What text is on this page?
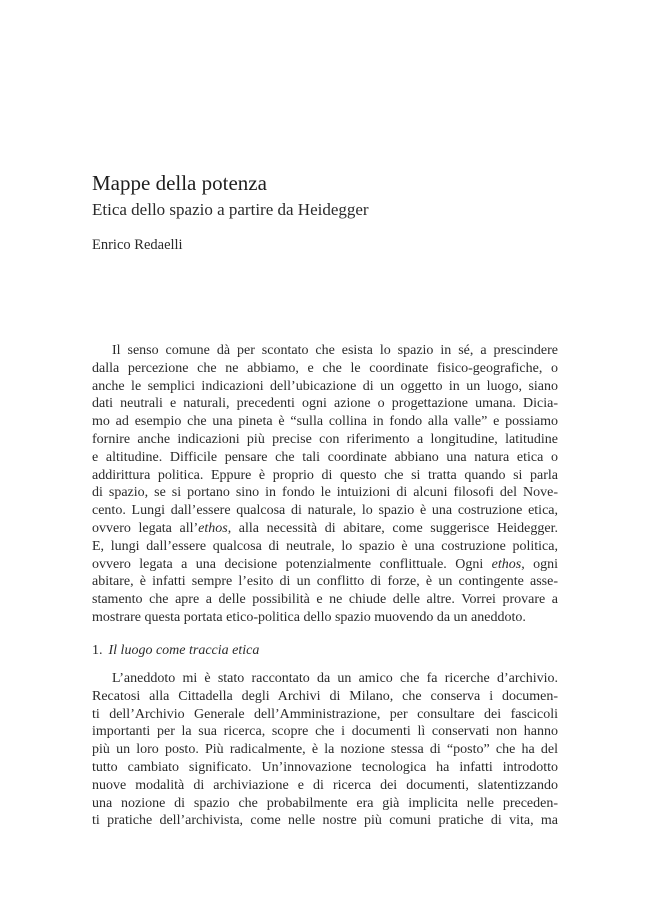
Mappe della potenza
Etica dello spazio a partire da Heidegger
Enrico Redaelli
Il senso comune dà per scontato che esista lo spazio in sé, a prescindere
dalla percezione che ne abbiamo, e che le coordinate fisico-geografiche, o
anche le semplici indicazioni dell’ubicazione di un oggetto in un luogo, siano
dati neutrali e naturali, precedenti ogni azione o progettazione umana. Dicia-
mo ad esempio che una pineta è “sulla collina in fondo alla valle” e possiamo
fornire anche indicazioni più precise con riferimento a longitudine, latitudine
e altitudine. Difficile pensare che tali coordinate abbiano una natura etica o
addirittura politica. Eppure è proprio di questo che si tratta quando si parla
di spazio, se si portano sino in fondo le intuizioni di alcuni filosofi del Nove-
cento. Lungi dall’essere qualcosa di naturale, lo spazio è una costruzione etica,
ovvero legata all’ethos, alla necessità di abitare, come suggerisce Heidegger.
E, lungi dall’essere qualcosa di neutrale, lo spazio è una costruzione politica,
ovvero legata a una decisione potenzialmente conflittuale. Ogni ethos, ogni
abitare, è infatti sempre l’esito di un conflitto di forze, è un contingente asse-
stamento che apre a delle possibilità e ne chiude delle altre. Vorrei provare a
mostrare questa portata etico-politica dello spazio muovendo da un aneddoto.
1. Il luogo come traccia etica
L’aneddoto mi è stato raccontato da un amico che fa ricerche d’archivio.
Recatosi alla Cittadella degli Archivi di Milano, che conserva i documen-
ti dell’Archivio Generale dell’Amministrazione, per consultare dei fascicoli
importanti per la sua ricerca, scopre che i documenti lì conservati non hanno
più un loro posto. Più radicalmente, è la nozione stessa di “posto” che ha del
tutto cambiato significato. Un’innovazione tecnologica ha infatti introdotto
nuove modalità di archiviazione e di ricerca dei documenti, slatentizzando
una nozione di spazio che probabilmente era già implicita nelle preceden-
ti pratiche dell’archivista, come nelle nostre più comuni pratiche di vita, ma
